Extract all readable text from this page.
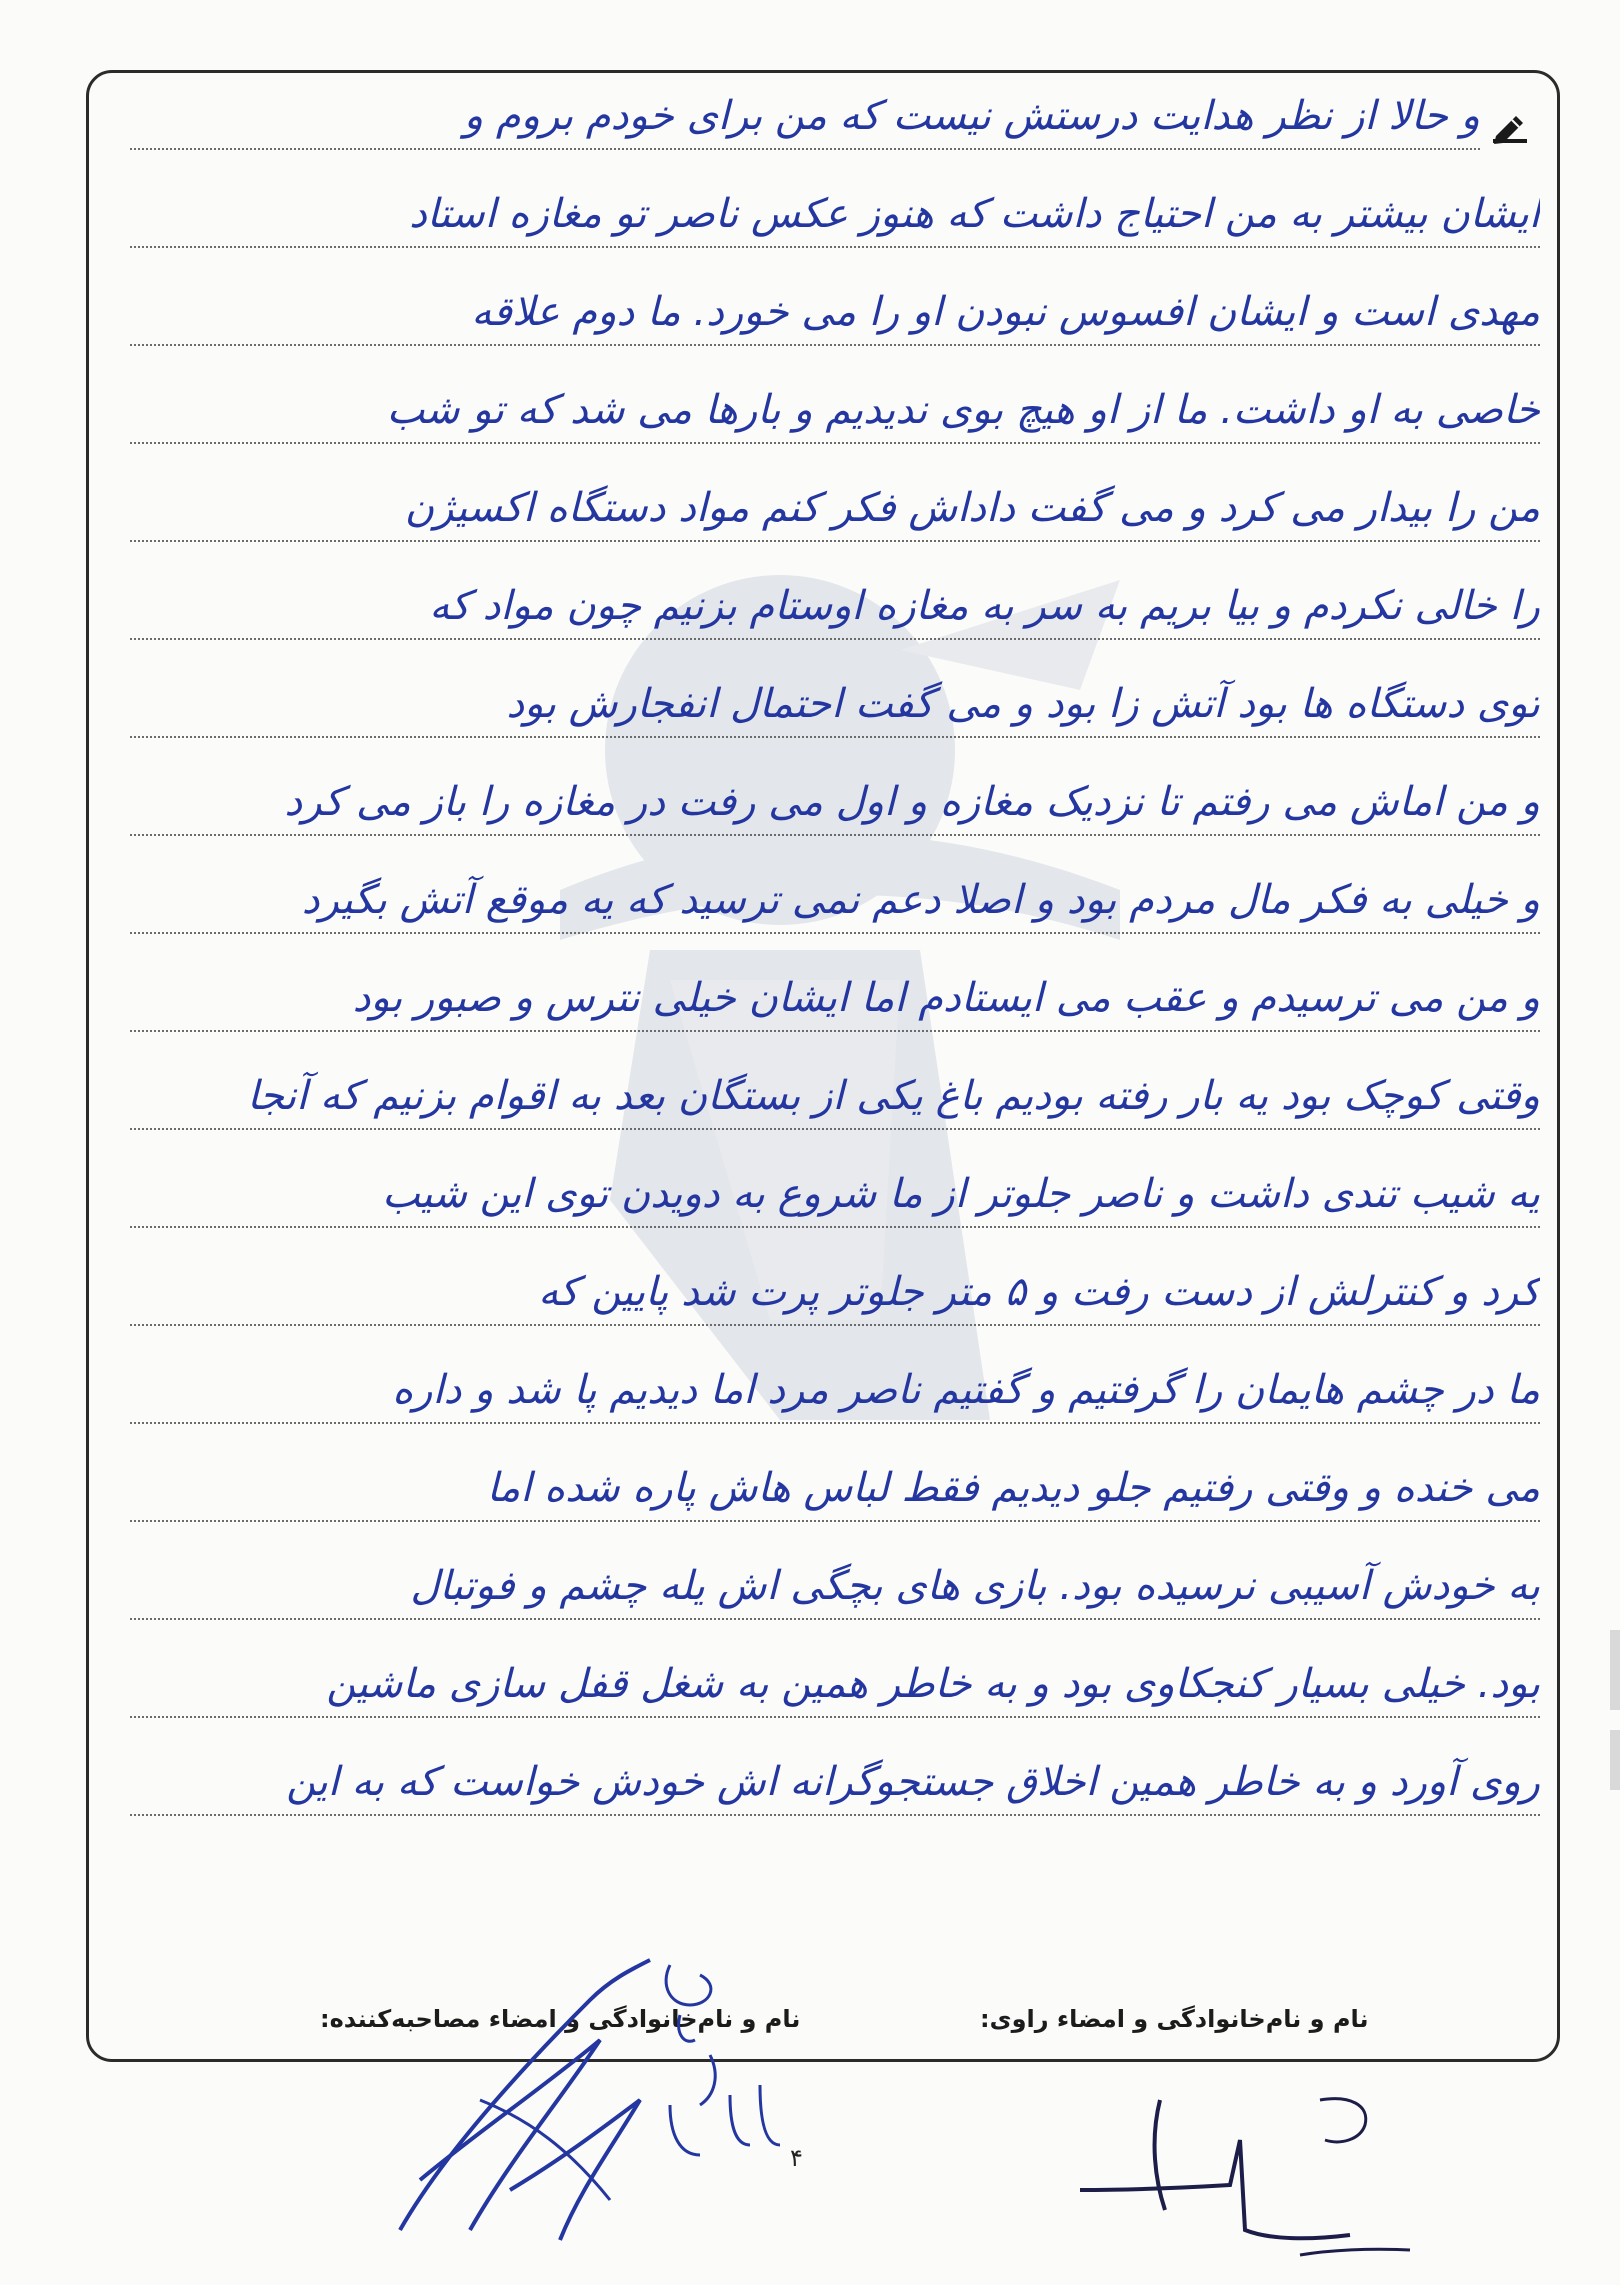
و حالا از نظر هدایت درستش نیست که من برای خودم بروم و
ایشان بیشتر به من احتیاج داشت که هنوز عکس ناصر تو مغازه استاد
مهدی است و ایشان افسوس نبودن او را می خورد. ما دوم علاقه
خاصی به او داشت. ما از او هیچ بوی ندیدیم و بارها می شد که تو شب
من را بیدار می کرد و می گفت داداش فکر کنم مواد دستگاه اکسیژن
را خالی نکردم و بیا بریم به سر به مغازه اوستام بزنیم چون مواد که
توی دستگاه ها بود آتش زا بود و می گفت احتمال انفجارش بود
و من اماش می رفتم تا نزدیک مغازه و اول می رفت در مغازه را باز می کرد
و خیلی به فکر مال مردم بود و اصلا دعم نمی ترسید که یه موقع آتش بگیرد
و من می ترسیدم و عقب می ایستادم اما ایشان خیلی نترس و صبور بود
وقتی کوچک بود یه بار رفته بودیم باغ یکی از بستگان بعد به اقوام بزنیم که آنجا
یه شیب تندی داشت و ناصر جلوتر از ما شروع به دویدن توی این شیب
کرد و کنترلش از دست رفت و ۵ متر جلوتر پرت شد پایین که
ما در چشم هایمان را گرفتیم و گفتیم ناصر مرد اما دیدیم پا شد و داره
می خنده و وقتی رفتیم جلو دیدیم فقط لباس هاش پاره شده اما
به خودش آسیبی نرسیده بود. بازی های بچگی اش یله چشم و فوتبال
بود. خیلی بسیار کنجکاوی بود و به خاطر همین به شغل قفل سازی ماشین
روی آورد و به خاطر همین اخلاق جستجوگرانه اش خودش خواست که به این
نام و نام‌خانوادگی و امضاء راوی:
نام و نام‌خانوادگی و امضاء مصاحبه‌کننده:
۴
